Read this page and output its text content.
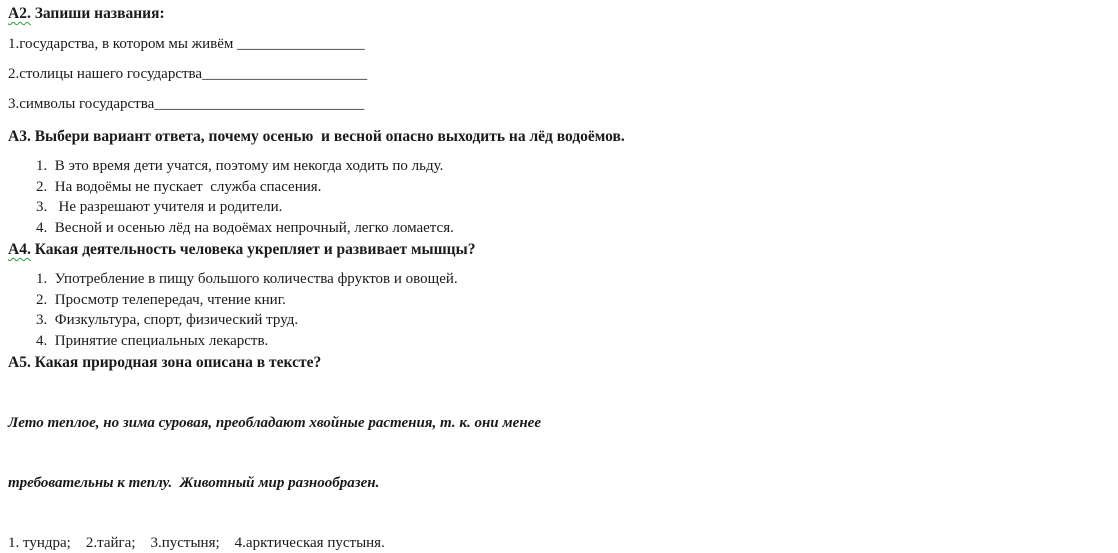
А2. Запиши названия:
1.государства, в котором мы живём _________________
2.столицы нашего государства______________________
3.символы государства____________________________
А3. Выбери вариант ответа, почему осенью  и весной опасно выходить на лёд водоёмов.
1.  В это время дети учатся, поэтому им некогда ходить по льду.
2.  На водоёмы не пускает  служба спасения.
3.   Не разрешают учителя и родители.
4.  Весной и осенью лёд на водоёмах непрочный, легко ломается.
А4. Какая деятельность человека укрепляет и развивает мышцы?
1.  Употребление в пищу большого количества фруктов и овощей.
2.  Просмотр телепередач, чтение книг.
3.  Физкультура, спорт, физический труд.
4.  Принятие специальных лекарств.
А5. Какая природная зона описана в тексте?

Лето теплое, но зима суровая, преобладают хвойные растения, т. к. они менее

требовательны к теплу.  Животный мир разнообразен.

1. тундра;    2.тайга;    3.пустыня;    4.арктическая пустыня.
